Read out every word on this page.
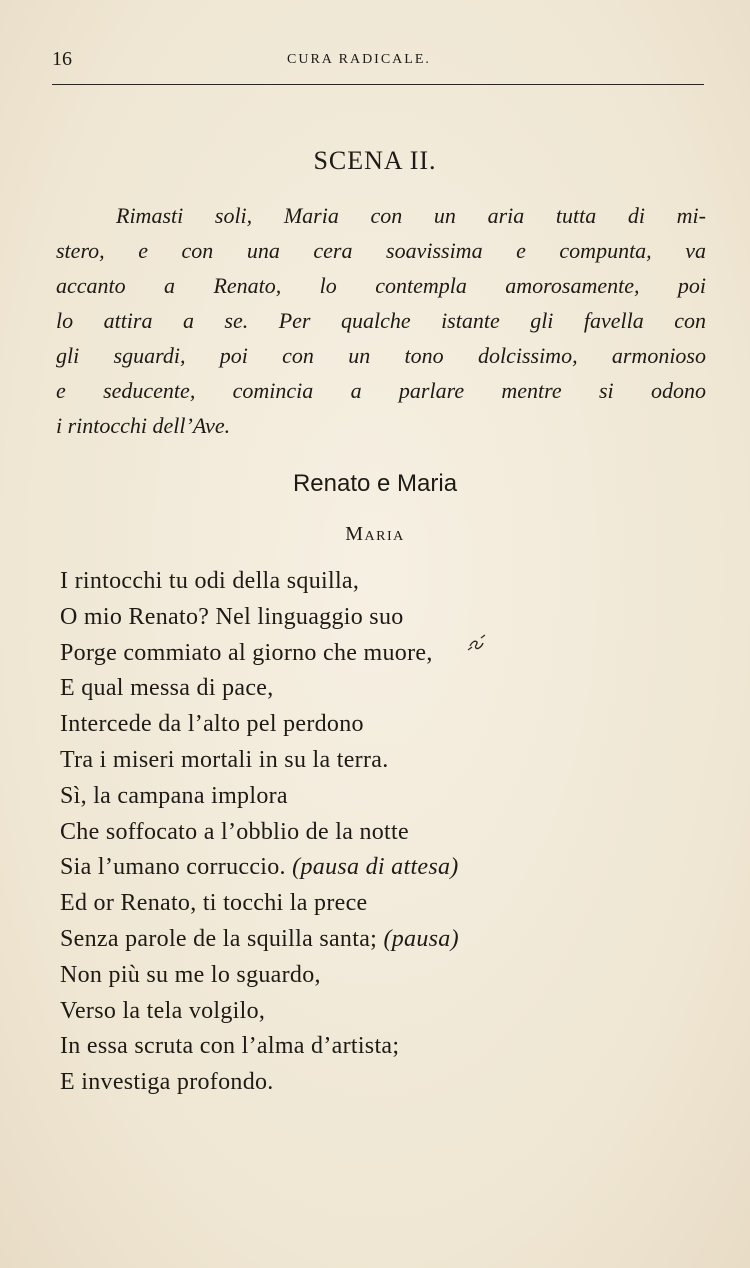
16	CURA RADICALE.
SCENA II.
Rimasti soli, Maria con un aria tutta di mi-
stero, e con una cera soavissima e compunta, va
accanto a Renato, lo contempla amorosamente, poi
lo attira a se. Per qualche istante gli favella con
gli sguardi, poi con un tono dolcissimo, armonioso
e seducente, comincia a parlare mentre si odono
i rintocchi dell’Ave.
Renato e Maria
Maria
I rintocchi tu odi della squilla,
O mio Renato? Nel linguaggio suo
Porge commiato al giorno che muore,
E qual messa di pace,
Intercede da l’alto pel perdono
Tra i miseri mortali in su la terra.
Sì, la campana implora
Che soffocato a l’obblio de la notte
Sia l’umano corruccio. (pausa di attesa)
Ed or Renato, ti tocchi la prece
Senza parole de la squilla santa; (pausa)
Non più su me lo sguardo,
Verso la tela volgilo,
In essa scruta con l’alma d’artista;
E investiga profondo.
